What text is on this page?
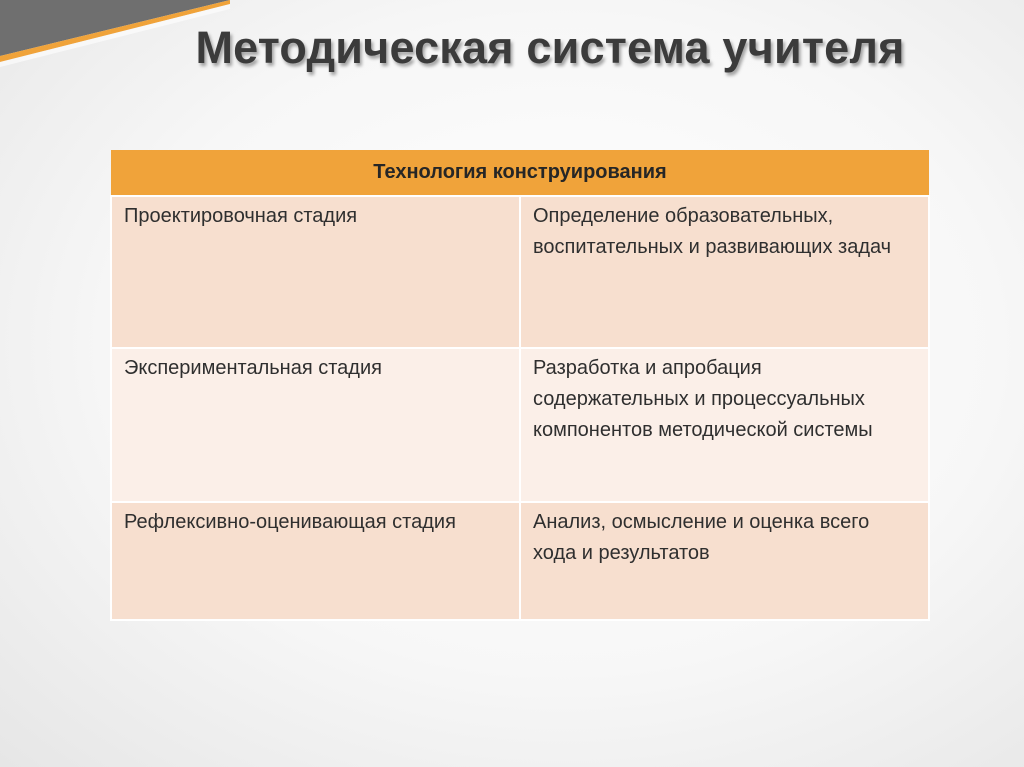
Методическая система учителя
Технология конструирования	
Проектировочная стадия	Определение образовательных, воспитательных и развивающих задач
Экспериментальная стадия	Разработка и апробация содержательных и процессуальных компонентов методической системы
Рефлексивно-оценивающая стадия	Анализ, осмысление и оценка всего хода и результатов
